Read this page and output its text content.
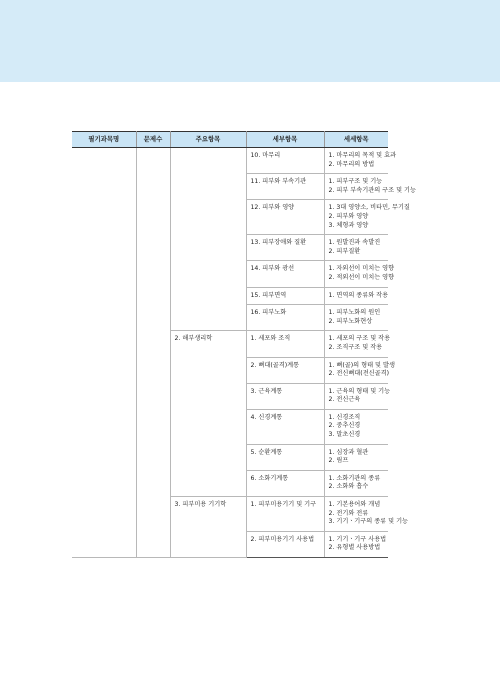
필기과목명	문제수	주요항목	세부항목	세세항목

			10. 마무리	1. 마무리의 목적 및 효과
2. 마무리의 방법

			11. 피부와 부속기관	1. 피부구조 및 기능
2. 피부 부속기관의 구조 및 기능

			12. 피부와 영양	1. 3대 영양소, 비타민, 무기질
2. 피부와 영양
3. 체형과 영양

			13. 피부장애와 질환	1. 원발진과 속발진
2. 피부질환

			14. 피부와 광선	1. 자외선이 미치는 영향
2. 적외선이 미치는 영향

			15. 피부면역	1. 면역의 종류와 작용

			16. 피부노화	1. 피부노화의 원인
2. 피부노화현상

		2. 해부생리학	1. 세포와 조직	1. 세포의 구조 및 작용
2. 조직구조 및 작용

			2. 뼈대(골격)계통	1. 뼈(골)의 형태 및 발생
2. 전신뼈대(전신골격)

			3. 근육계통	1. 근육의 형태 및 기능
2. 전신근육

			4. 신경계통	1. 신경조직
2. 중추신경
3. 말초신경

			5. 순환계통	1. 심장과 혈관
2. 림프

			6. 소화기계통	1. 소화기관의 종류
2. 소화와 흡수

		3. 피부미용 기기학	1. 피부미용기기 및 기구	1. 기본용어와 개념
2. 전기와 전류
3. 기기ㆍ기구의 종류 및 기능

			2. 피부미용기기 사용법	1. 기기ㆍ기구 사용법
2. 유형별 사용방법
